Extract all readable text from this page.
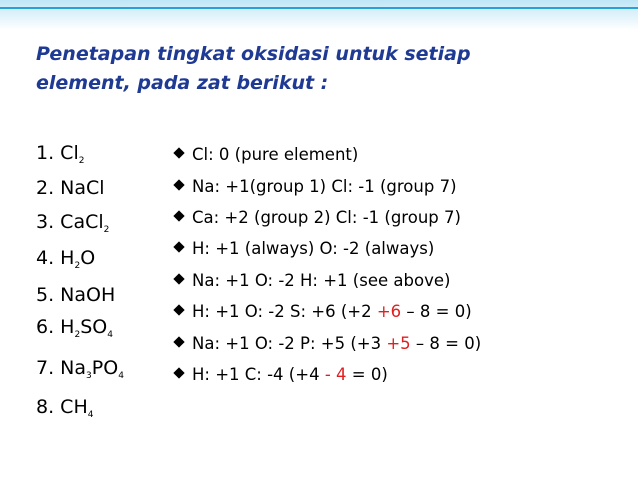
Penetapan tingkat oksidasi untuk setiap
element, pada zat berikut :
1. $Cl_2$
2. NaCl
3. CaCl$_2$
4. $H_2O$
5. NaOH
6. $H_2SO_4$
7. $Na_3PO_4$
8. $CH_4$
Cl: 0 (pure element)
Na: +1(group 1) Cl: -1 (group 7)
Ca: +2 (group 2) Cl: -1 (group 7)
H: +1 (always) O: -2 (always)
Na: +1 O: -2 H: +1 (see above)
H: +1 O: -2 S: +6 (+2 +6 – 8 = 0)
Na: +1 O: -2 P: +5 (+3 +5 – 8 = 0)
H: +1 C: -4 (+4 - 4 = 0)
